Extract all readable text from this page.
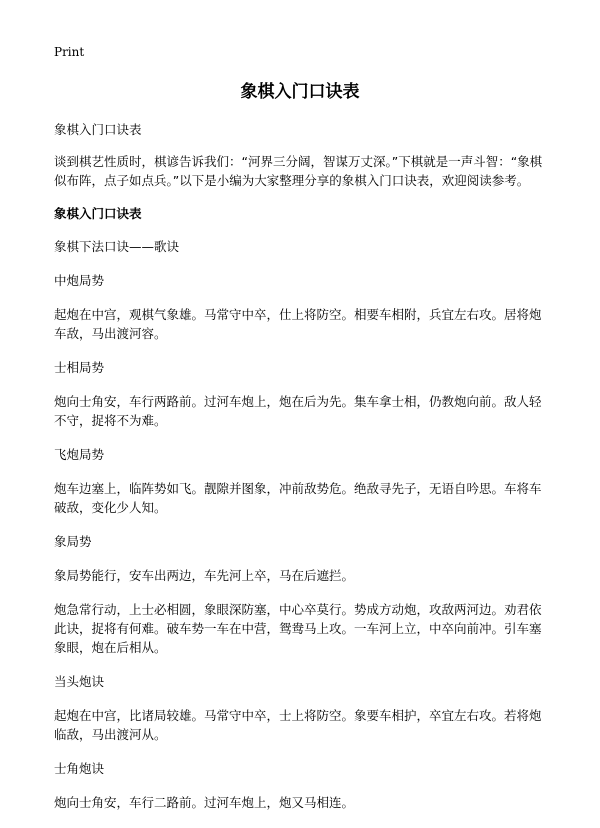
Print
象棋入门口诀表

象棋入门口诀表

谈到棋艺性质时，棋谚告诉我们：“河界三分阔，智谋万丈深。”下棋就是一声斗智：“象棋似布阵，点子如点兵。”以下是小编为大家整理分享的象棋入门口诀表，欢迎阅读参考。

象棋入门口诀表

象棋下法口诀——歌诀

中炮局势

起炮在中宫，观棋气象雄。马常守中卒，仕上将防空。相要车相附，兵宜左右攻。居将炮车敌，马出渡河容。

士相局势

炮向士角安，车行两路前。过河车炮上，炮在后为先。集车拿士相，仍教炮向前。敌人轻不守，捉将不为难。

飞炮局势

炮车边塞上，临阵势如飞。靓隙并图象，冲前敌势危。绝敌寻先子，无语自吟思。车将车破敌，变化少人知。

象局势

象局势能行，安车出两边，车先河上卒，马在后遮拦。

炮急常行动，上士必相圆，象眼深防塞，中心卒莫行。势成方动炮，攻敌两河边。劝君依此诀，捉将有何难。破车势一车在中营，鸳鸯马上攻。一车河上立，中卒向前冲。引车塞象眼，炮在后相从。

当头炮诀

起炮在中宫，比诸局较雄。马常守中卒，士上将防空。象要车相护，卒宜左右攻。若将炮临敌，马出渡河从。

士角炮诀

炮向士角安，车行二路前。过河车炮上，炮又马相连。
